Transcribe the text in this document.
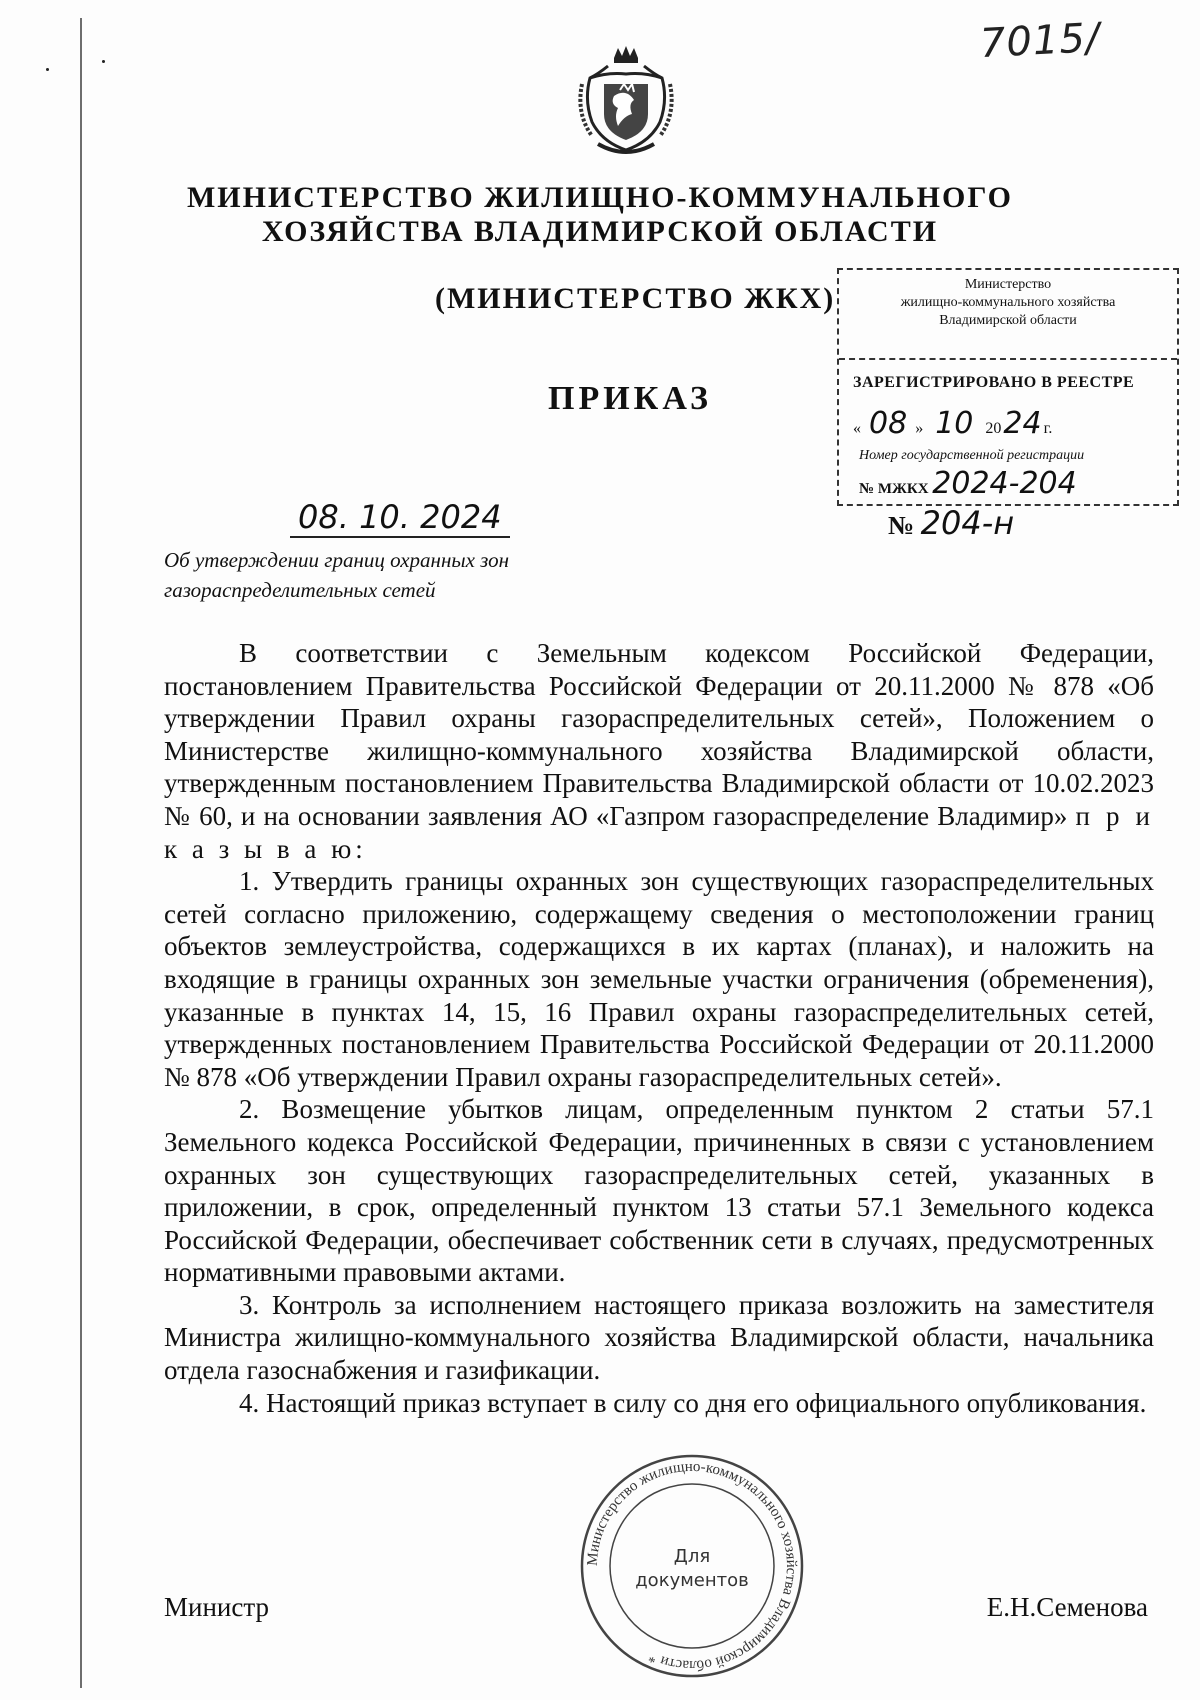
7015/
МИНИСТЕРСТВО ЖИЛИЩНО-КОММУНАЛЬНОГО
ХОЗЯЙСТВА ВЛАДИМИРСКОЙ ОБЛАСТИ
(МИНИСТЕРСТВО ЖКХ)
ПРИКАЗ
Министерство
жилищно-коммунального хозяйства
Владимирской области
ЗАРЕГИСТРИРОВАНО В РЕЕСТРЕ
« 08 » 10 2024 г.
Номер государственной регистрации
№ МЖКХ 2024-204
08. 10. 2024	№ 204-н
Об утверждении границ охранных зон
газораспределительных сетей

В соответствии с Земельным кодексом Российской Федерации, постановлением Правительства Российской Федерации от 20.11.2000 № 878 «Об утверждении Правил охраны газораспределительных сетей», Положением о Министерстве жилищно-коммунального хозяйства Владимирской области, утвержденным постановлением Правительства Владимирской области от 10.02.2023 № 60, и на основании заявления АО «Газпром газораспределение Владимир» п р и к а з ы в а ю:

1. Утвердить границы охранных зон существующих газораспределительных сетей согласно приложению, содержащему сведения о местоположении границ объектов землеустройства, содержащихся в их картах (планах), и наложить на входящие в границы охранных зон земельные участки ограничения (обременения), указанные в пунктах 14, 15, 16 Правил охраны газораспределительных сетей, утвержденных постановлением Правительства Российской Федерации от 20.11.2000 № 878 «Об утверждении Правил охраны газораспределительных сетей».

2. Возмещение убытков лицам, определенным пунктом 2 статьи 57.1 Земельного кодекса Российской Федерации, причиненных в связи с установлением охранных зон существующих газораспределительных сетей, указанных в приложении, в срок, определенный пунктом 13 статьи 57.1 Земельного кодекса Российской Федерации, обеспечивает собственник сети в случаях, предусмотренных нормативными правовыми актами.

3. Контроль за исполнением настоящего приказа возложить на заместителя Министра жилищно-коммунального хозяйства Владимирской области, начальника отдела газоснабжения и газификации.

4. Настоящий приказ вступает в силу со дня его официального опубликования.

Министерство жилищно-коммунального хозяйства Владимирской области *
Для
документов
Министр	Е.Н.Семенова
